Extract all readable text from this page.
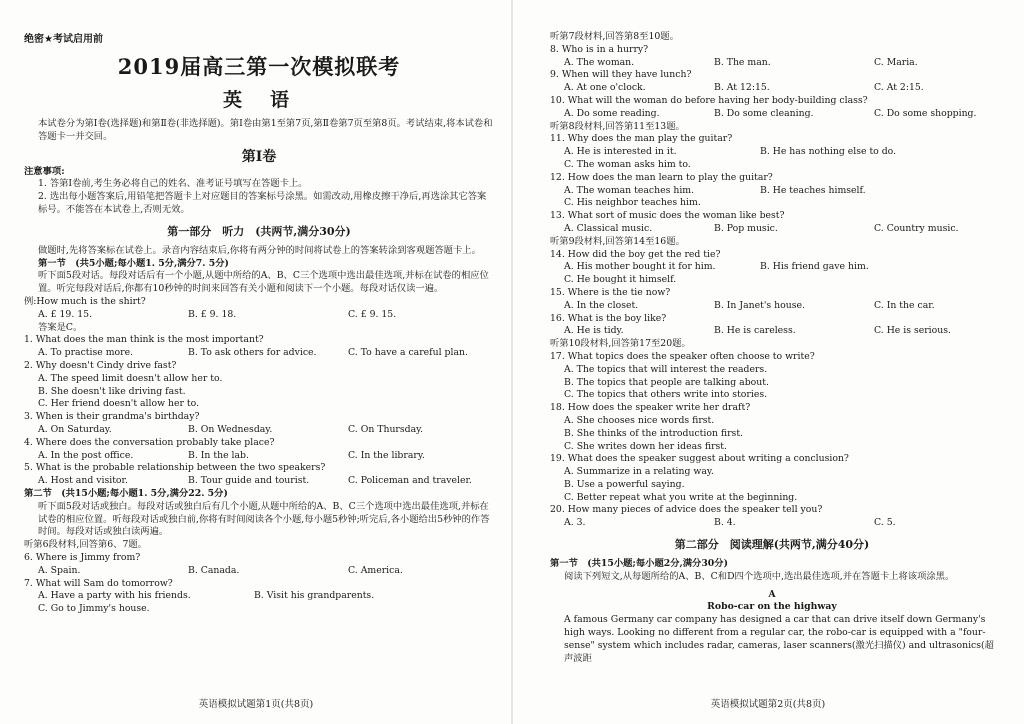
绝密★考试启用前
2019届高三第一次模拟联考
英语
本试卷分为第Ⅰ卷(选择题)和第Ⅱ卷(非选择题)。第Ⅰ卷由第1至第7页,第Ⅱ卷第7页至第8页。考试结束,将本试卷和答题卡一并交回。
第Ⅰ卷
注意事项:
1. 答第Ⅰ卷前,考生务必将自己的姓名、准考证号填写在答题卡上。
2. 选出每小题答案后,用铅笔把答题卡上对应题目的答案标号涂黑。如需改动,用橡皮擦干净后,再选涂其它答案标号。不能答在本试卷上,否则无效。
第一部分　听力　(共两节,满分30分)
做题时,先将答案标在试卷上。录音内容结束后,你将有两分钟的时间将试卷上的答案转涂到客观题答题卡上。
第一节　(共5小题;每小题1. 5分,满分7. 5分)
听下面5段对话。每段对话后有一个小题,从题中所给的A、B、C三个选项中选出最佳选项,并标在试卷的相应位置。听完每段对话后,你都有10秒钟的时间来回答有关小题和阅读下一个小题。每段对话仅读一遍。
例:How much is the shirt?
A. £ 19. 15.	B. £ 9. 18.	C. £ 9. 15.
答案是C。
1. What does the man think is the most important?
A. To practise more.	B. To ask others for advice.	C. To have a careful plan.
2. Why doesn't Cindy drive fast?
A. The speed limit doesn't allow her to.
B. She doesn't like driving fast.
C. Her friend doesn't allow her to.
3. When is their grandma's birthday?
A. On Saturday.	B. On Wednesday.	C. On Thursday.
4. Where does the conversation probably take place?
A. In the post office.	B. In the lab.	C. In the library.
5. What is the probable relationship between the two speakers?
A. Host and visitor.	B. Tour guide and tourist.	C. Policeman and traveler.
第二节　(共15小题;每小题1. 5分,满分22. 5分)
听下面5段对话或独白。每段对话或独白后有几个小题,从题中所给的A、B、C三个选项中选出最佳选项,并标在试卷的相应位置。听每段对话或独白前,你将有时间阅读各个小题,每小题5秒钟;听完后,各小题给出5秒钟的作答时间。每段对话或独白读两遍。
听第6段材料,回答第6、7题。
6. Where is Jimmy from?
A. Spain.	B. Canada.	C. America.
7. What will Sam do tomorrow?
A. Have a party with his friends.	B. Visit his grandparents.
C. Go to Jimmy's house.
英语模拟试题第1页(共8页)
听第7段材料,回答第8至10题。
8. Who is in a hurry?
A. The woman.	B. The man.	C. Maria.
9. When will they have lunch?
A. At one o'clock.	B. At 12:15.	C. At 2:15.
10. What will the woman do before having her body-building class?
A. Do some reading.	B. Do some cleaning.	C. Do some shopping.
听第8段材料,回答第11至13题。
11. Why does the man play the guitar?
A. He is interested in it.	B. He has nothing else to do.
C. The woman asks him to.
12. How does the man learn to play the guitar?
A. The woman teaches him.	B. He teaches himself.
C. His neighbor teaches him.
13. What sort of music does the woman like best?
A. Classical music.	B. Pop music.	C. Country music.
听第9段材料,回答第14至16题。
14. How did the boy get the red tie?
A. His mother bought it for him.	B. His friend gave him.
C. He bought it himself.
15. Where is the tie now?
A. In the closet.	B. In Janet's house.	C. In the car.
16. What is the boy like?
A. He is tidy.	B. He is careless.	C. He is serious.
听第10段材料,回答第17至20题。
17. What topics does the speaker often choose to write?
A. The topics that will interest the readers.
B. The topics that people are talking about.
C. The topics that others write into stories.
18. How does the speaker write her draft?
A. She chooses nice words first.
B. She thinks of the introduction first.
C. She writes down her ideas first.
19. What does the speaker suggest about writing a conclusion?
A. Summarize in a relating way.
B. Use a powerful saying.
C. Better repeat what you write at the beginning.
20. How many pieces of advice does the speaker tell you?
A. 3.	B. 4.	C. 5.
第二部分　阅读理解(共两节,满分40分)
第一节　(共15小题;每小题2分,满分30分)
阅读下列短文,从每题所给的A、B、C和D四个选项中,选出最佳选项,并在答题卡上将该项涂黑。
A
Robo-car on the highway
A famous Germany car company has designed a car that can drive itself down Germany's high ways. Looking no different from a regular car, the robo-car is equipped with a "four-sense" system which includes radar, cameras, laser scanners(激光扫描仪) and ultrasonics(超声波距
英语模拟试题第2页(共8页)
